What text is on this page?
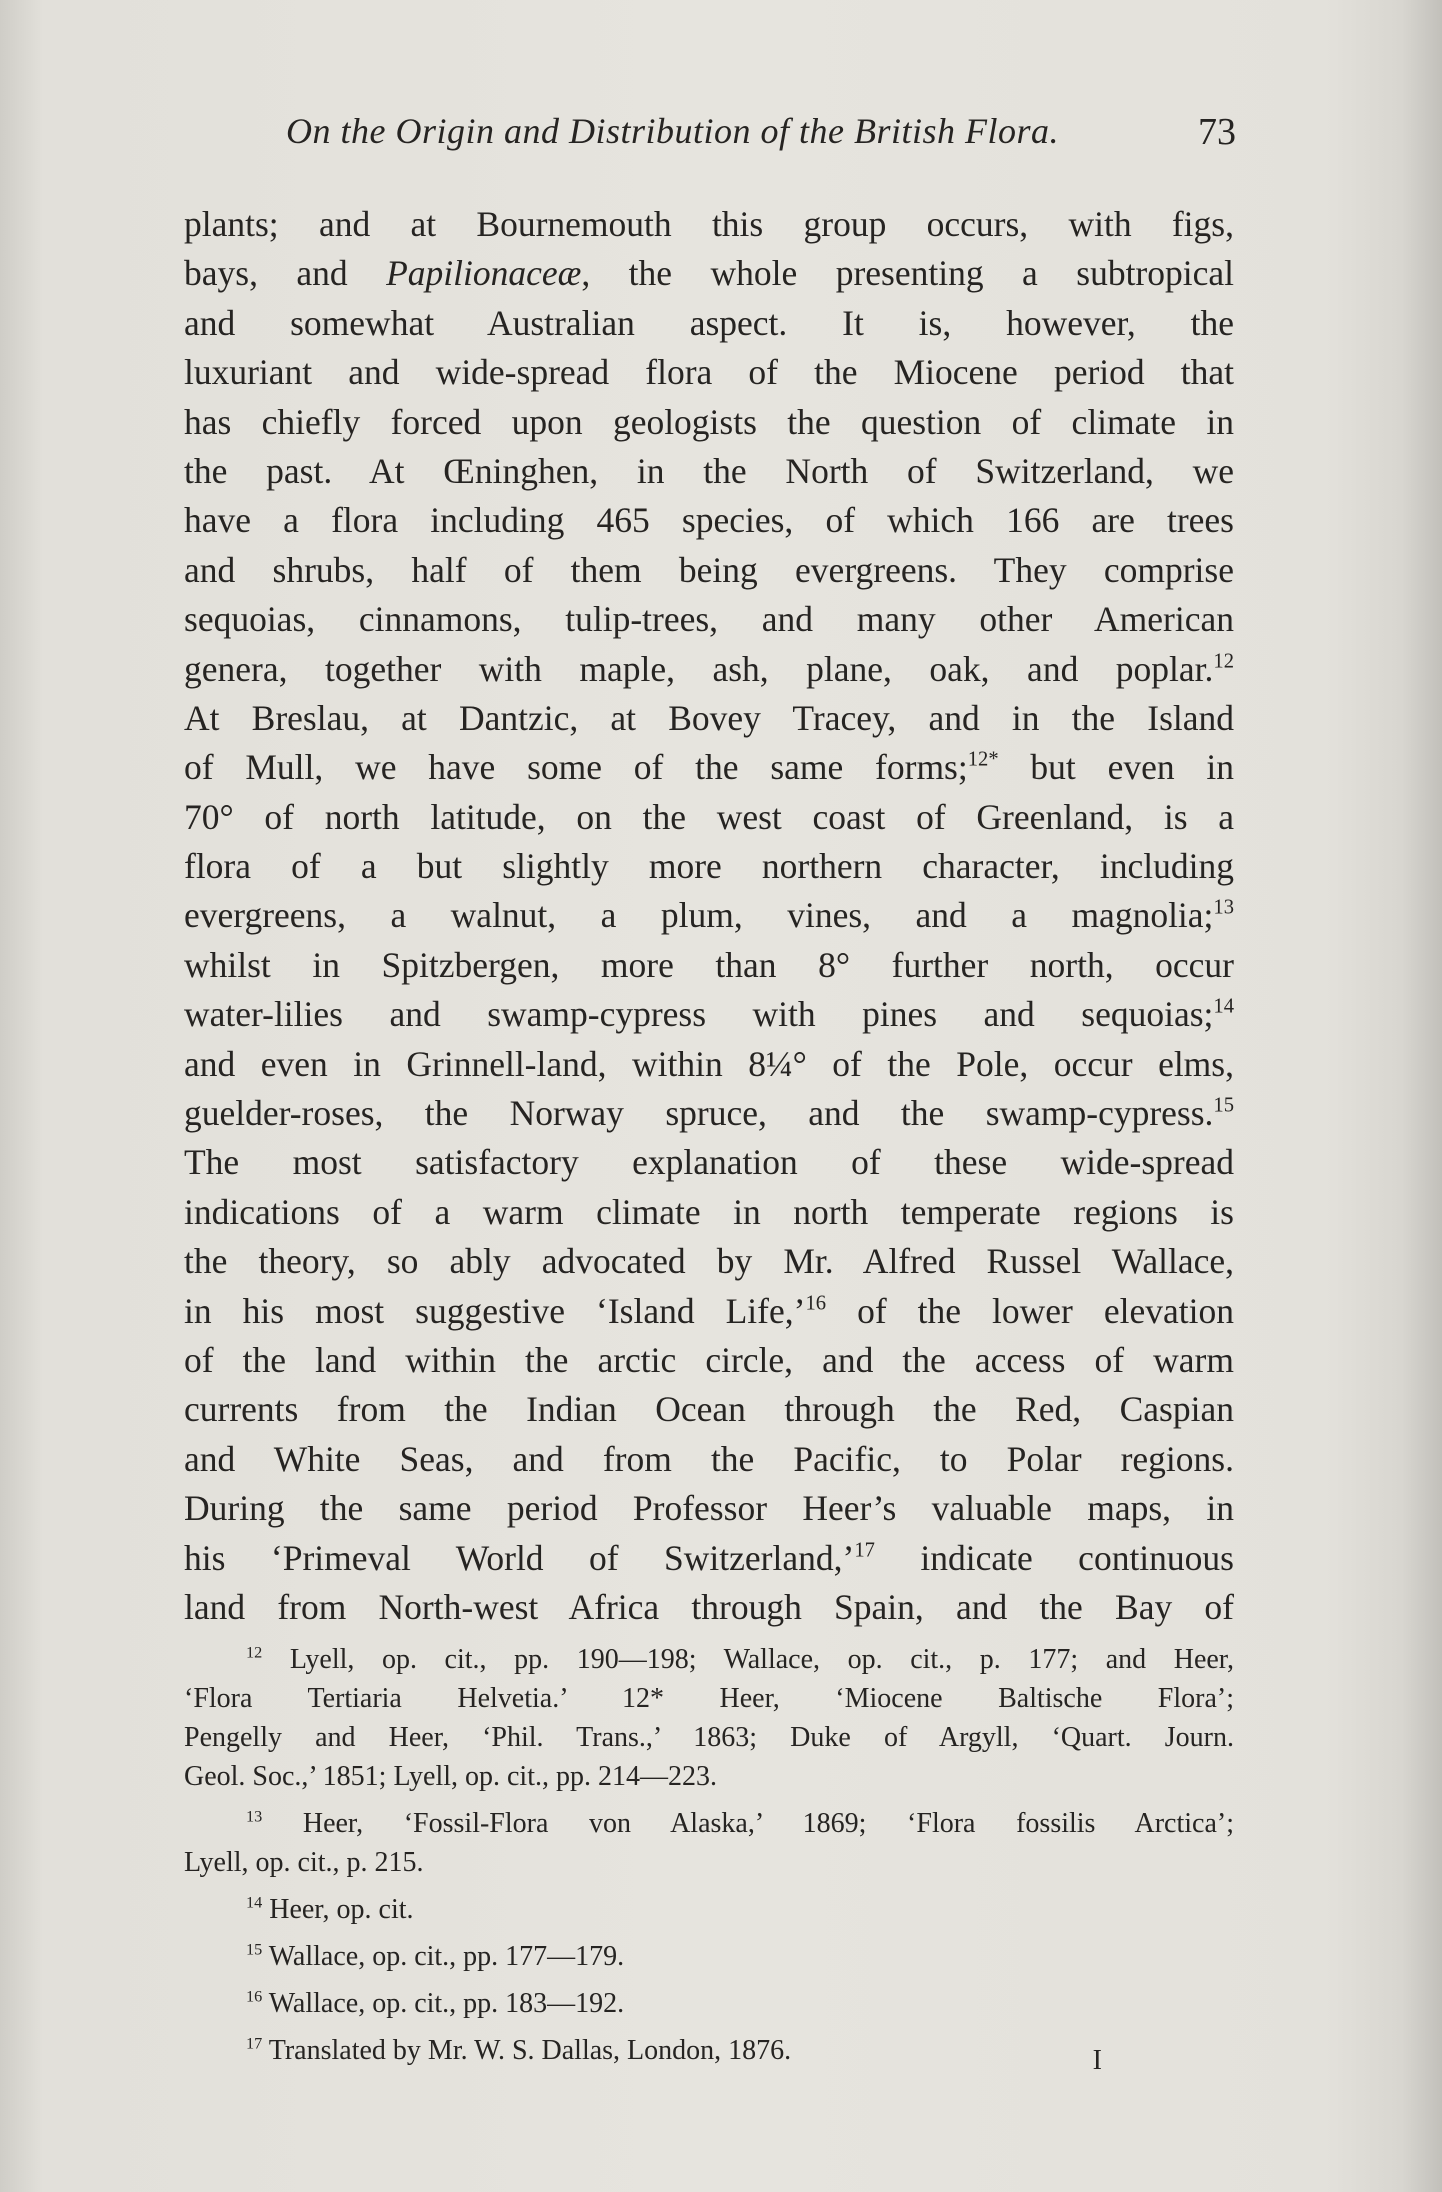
On the Origin and Distribution of the British Flora.	73
plants; and at Bournemouth this group occurs, with figs,
bays, and Papilionaceæ, the whole presenting a subtropical
and somewhat Australian aspect. It is, however, the
luxuriant and wide-spread flora of the Miocene period that
has chiefly forced upon geologists the question of climate in
the past. At Œninghen, in the North of Switzerland, we
have a flora including 465 species, of which 166 are trees
and shrubs, half of them being evergreens. They comprise
sequoias, cinnamons, tulip-trees, and many other American
genera, together with maple, ash, plane, oak, and poplar.$^{12}$
At Breslau, at Dantzic, at Bovey Tracey, and in the Island
of Mull, we have some of the same forms;$^{12*}$ but even in
70° of north latitude, on the west coast of Greenland, is a
flora of a but slightly more northern character, including
evergreens, a walnut, a plum, vines, and a magnolia;$^{13}$
whilst in Spitzbergen, more than 8° further north, occur
water-lilies and swamp-cypress with pines and sequoias;$^{14}$
and even in Grinnell-land, within 8¼° of the Pole, occur elms,
guelder-roses, the Norway spruce, and the swamp-cypress.$^{15}$
The most satisfactory explanation of these wide-spread
indications of a warm climate in north temperate regions is
the theory, so ably advocated by Mr. Alfred Russel Wallace,
in his most suggestive ‘Island Life,’$^{16}$ of the lower elevation
of the land within the arctic circle, and the access of warm
currents from the Indian Ocean through the Red, Caspian
and White Seas, and from the Pacific, to Polar regions.
During the same period Professor Heer’s valuable maps, in
his ‘Primeval World of Switzerland,’$^{17}$ indicate continuous
land from North-west Africa through Spain, and the Bay of
$^{12}$ Lyell, op. cit., pp. 190—198; Wallace, op. cit., p. 177; and Heer,
‘Flora Tertiaria Helvetia.’ 12* Heer, ‘Miocene Baltische Flora’;
Pengelly and Heer, ‘Phil. Trans.,’ 1863; Duke of Argyll, ‘Quart. Journ.
Geol. Soc.,’ 1851; Lyell, op. cit., pp. 214—223.
$^{13}$ Heer, ‘Fossil-Flora von Alaska,’ 1869; ‘Flora fossilis Arctica’;
Lyell, op. cit., p. 215.
$^{14}$ Heer, op. cit.
$^{15}$ Wallace, op. cit., pp. 177—179.
$^{16}$ Wallace, op. cit., pp. 183—192.
$^{17}$ Translated by Mr. W. S. Dallas, London, 1876.	I
